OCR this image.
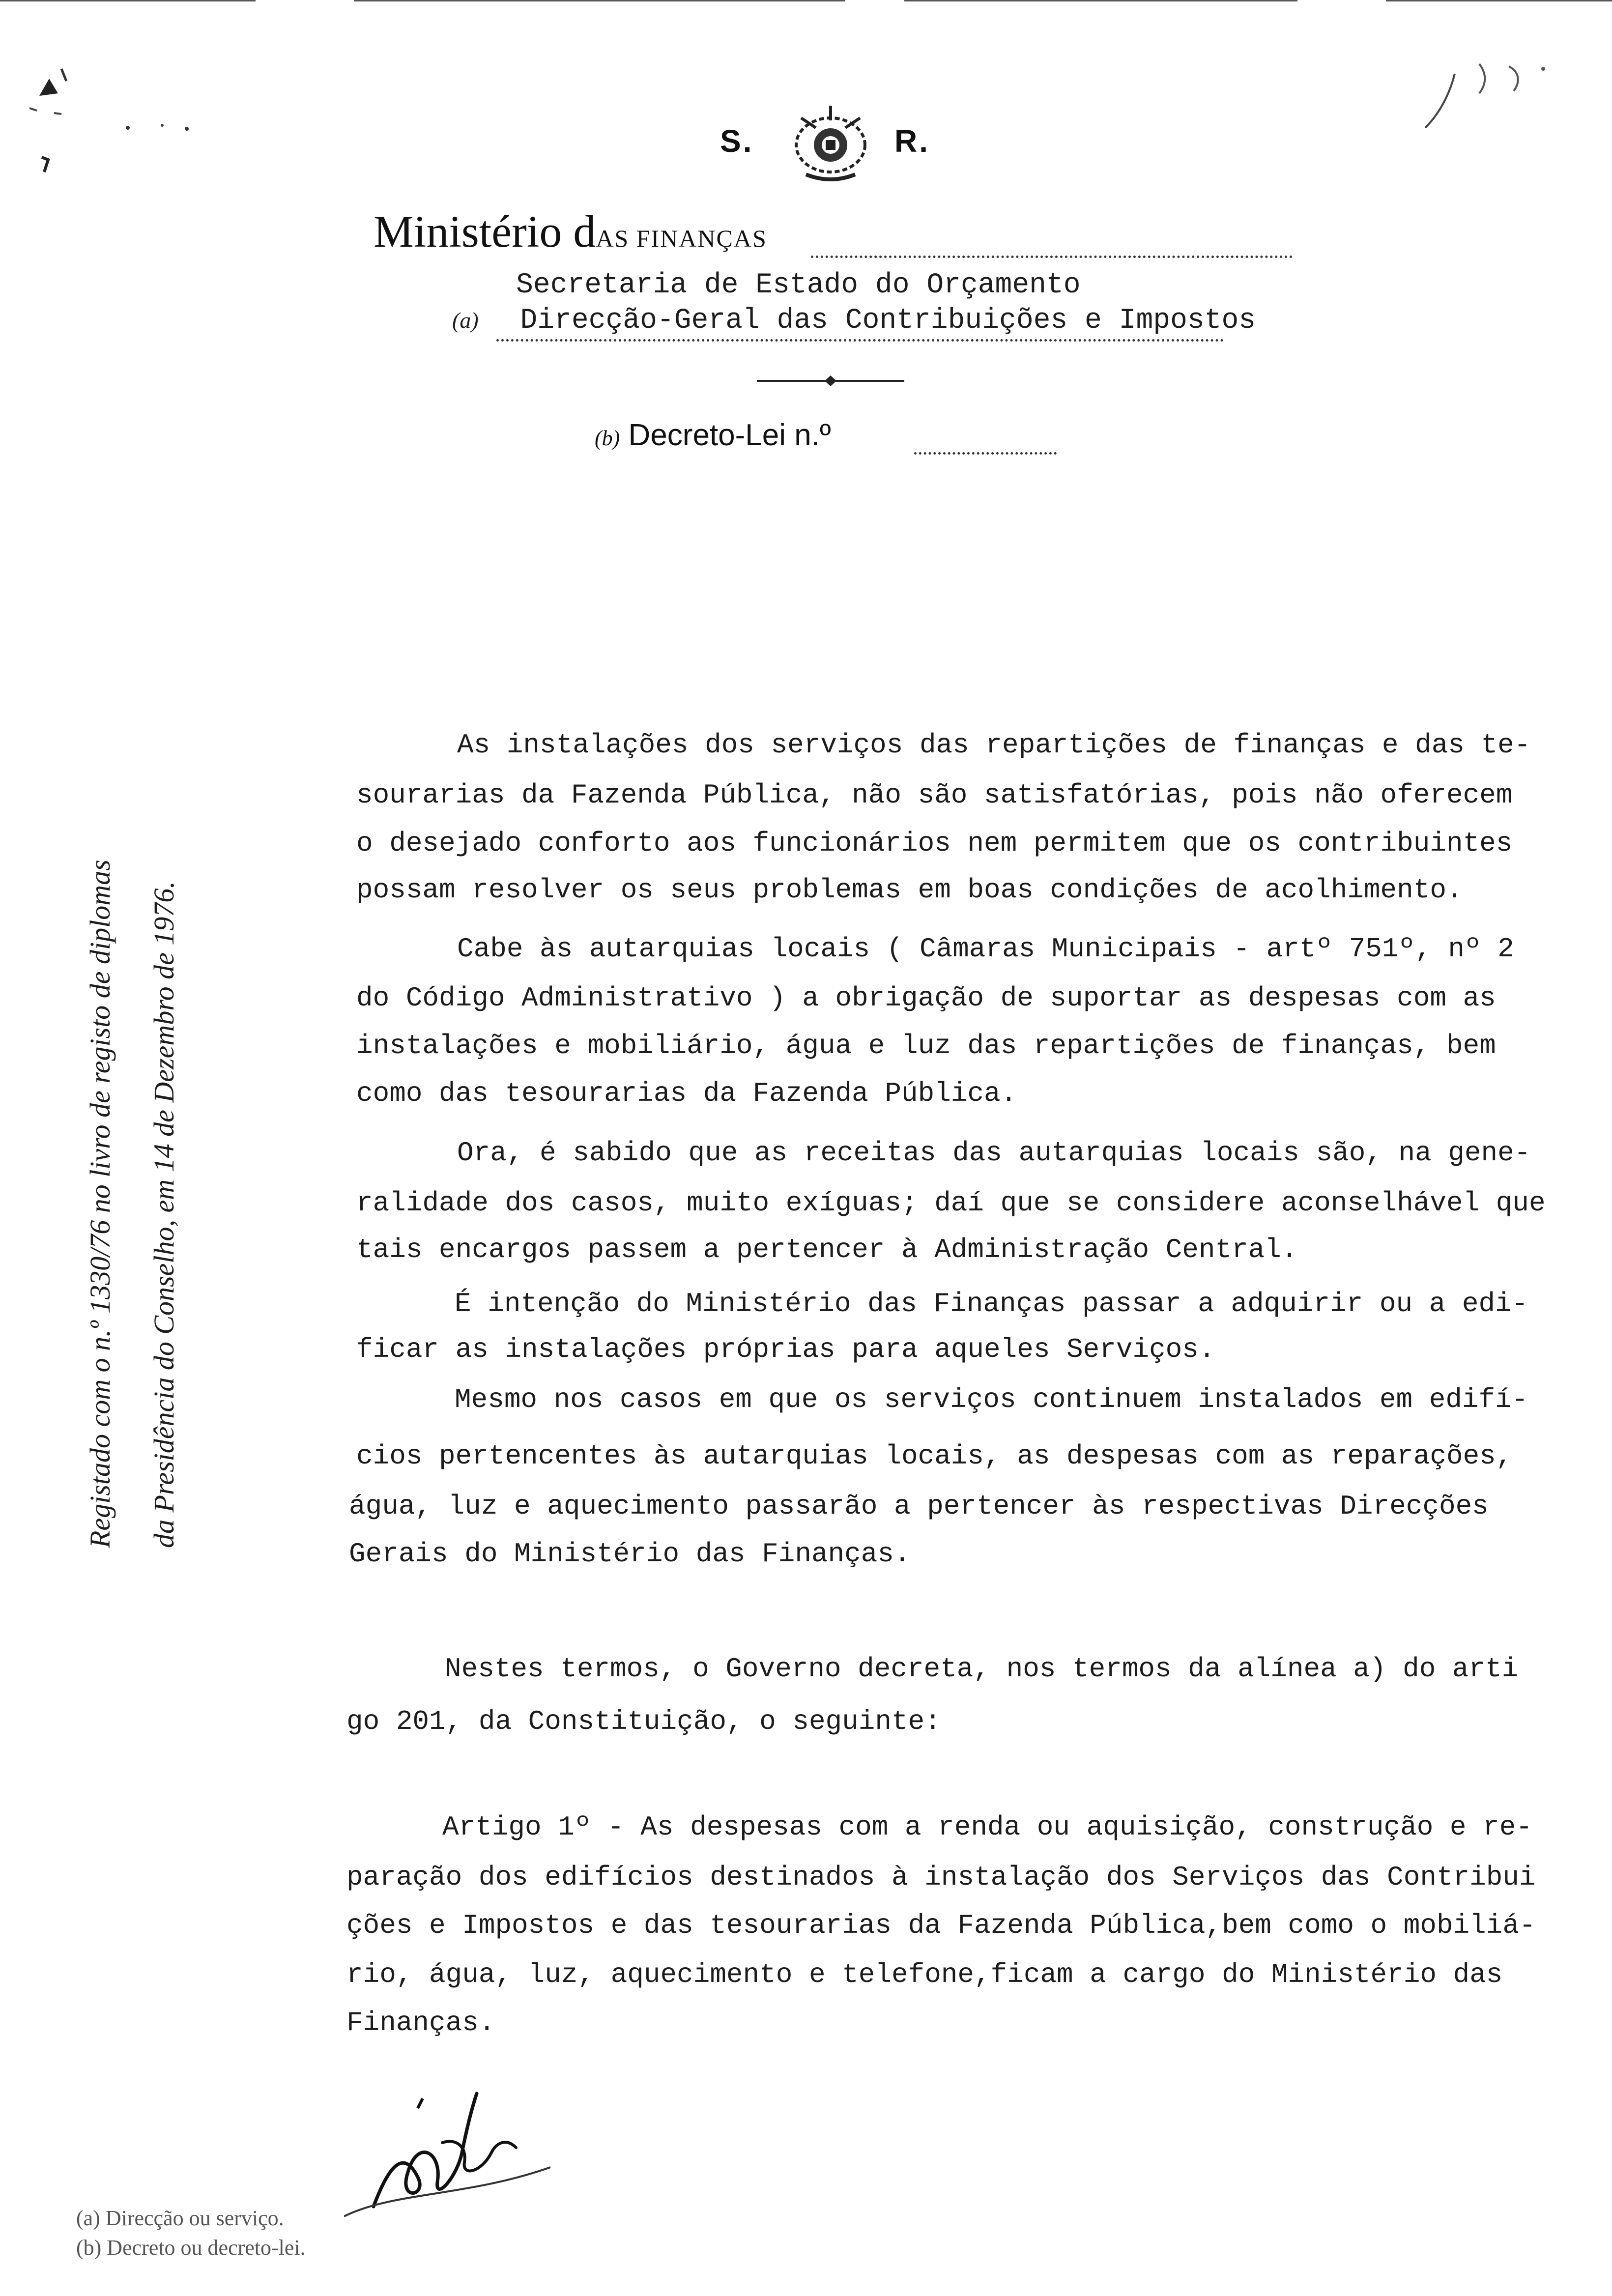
S.	R.
Ministério dAS FINANÇAS
Secretaria de Estado do Orçamento
(a) Direcção-Geral das Contribuições e Impostos
(b) Decreto-Lei n.º
Registado com o n.º 1330/76 no livro de registo de diplomas da Presidência do Conselho, em 14 de Dezembro de 1976.
As instalações dos serviços das repartições de finanças e das te-
sourarias da Fazenda Pública, não são satisfatórias, pois não oferecem
o desejado conforto aos funcionários nem permitem que os contribuintes
possam resolver os seus problemas em boas condições de acolhimento.
Cabe às autarquias locais ( Câmaras Municipais - artº 751º, nº 2
do Código Administrativo ) a obrigação de suportar as despesas com as
instalações e mobiliário, água e luz das repartições de finanças, bem
como das tesourarias da Fazenda Pública.
Ora, é sabido que as receitas das autarquias locais são, na gene-
ralidade dos casos, muito exíguas; daí que se considere aconselhável que
tais encargos passem a pertencer à Administração Central.
É intenção do Ministério das Finanças passar a adquirir ou a edi-
ficar as instalações próprias para aqueles Serviços.
Mesmo nos casos em que os serviços continuem instalados em edifí-
cios pertencentes às autarquias locais, as despesas com as reparações,
água, luz e aquecimento passarão a pertencer às respectivas Direcções
Gerais do Ministério das Finanças.
Nestes termos, o Governo decreta, nos termos da alínea a) do arti
go 201, da Constituição, o seguinte:
Artigo 1º - As despesas com a renda ou aquisição, construção e re-
paração dos edifícios destinados à instalação dos Serviços das Contribui
ções e Impostos e das tesourarias da Fazenda Pública,bem como o mobiliá-
rio, água, luz, aquecimento e telefone,ficam a cargo do Ministério das
Finanças.
(a) Direcção ou serviço.
(b) Decreto ou decreto-lei.
